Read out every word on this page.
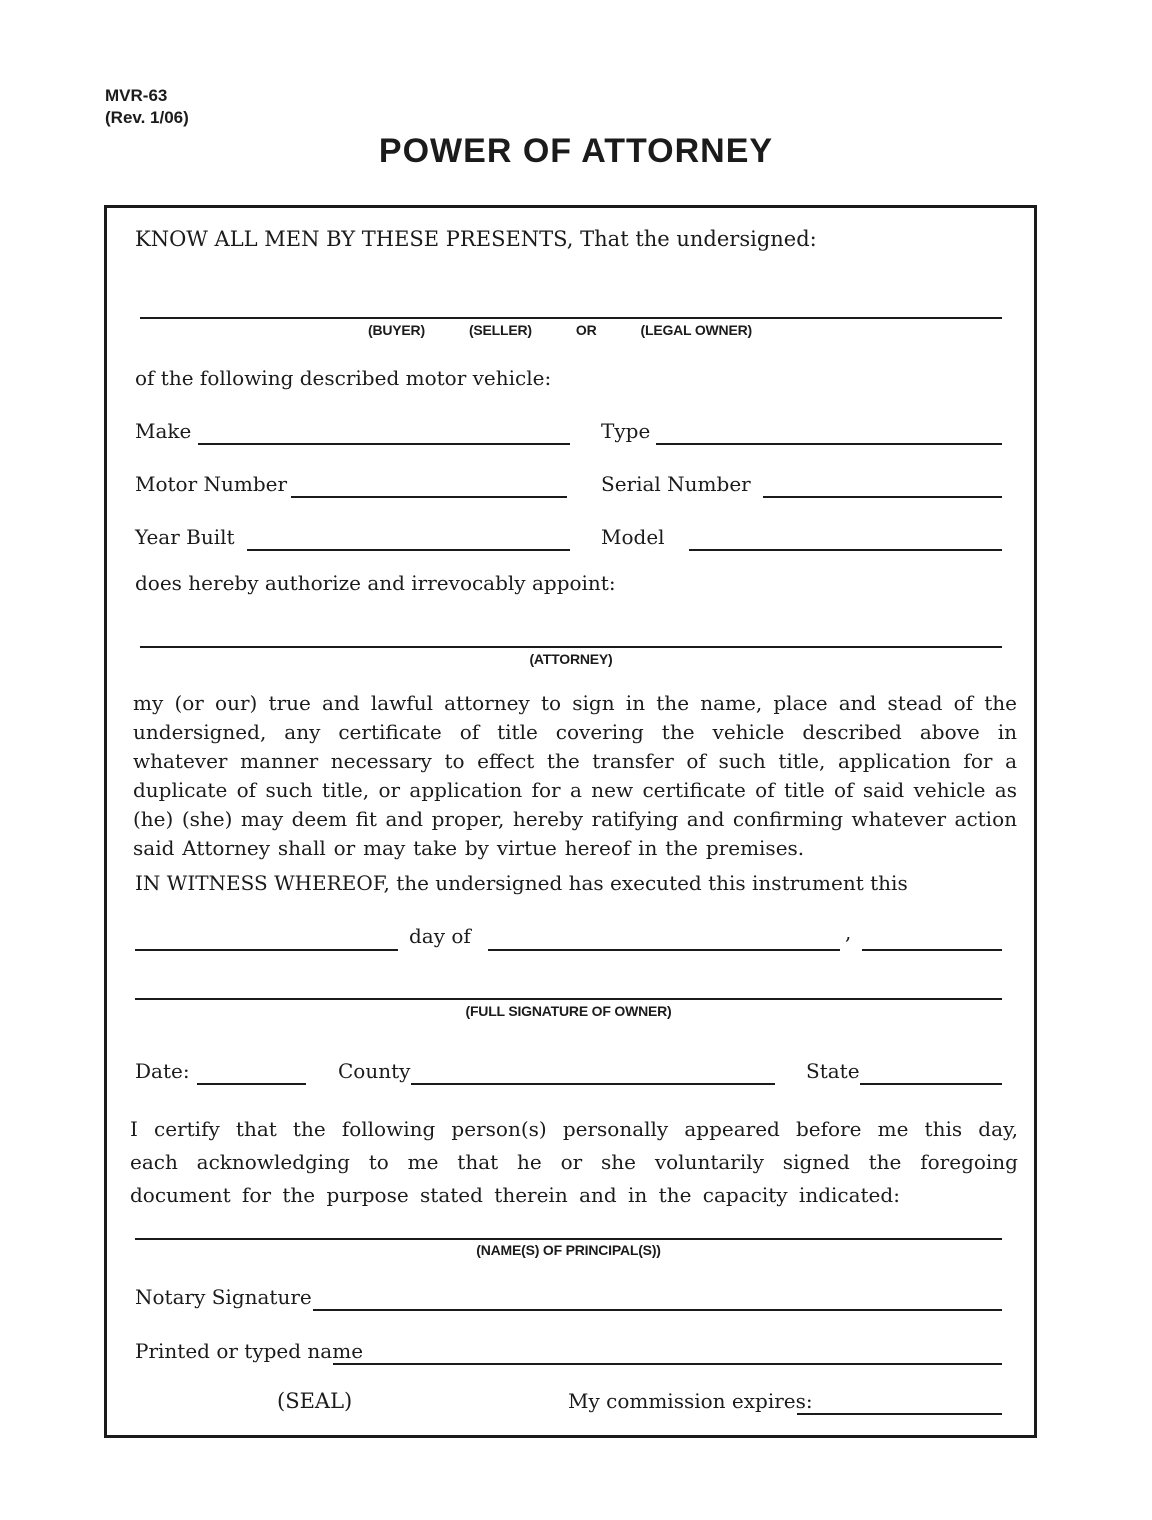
MVR-63
(Rev. 1/06)
POWER OF ATTORNEY
KNOW ALL MEN BY THESE PRESENTS, That the undersigned:
(BUYER)	(SELLER)	OR	(LEGAL OWNER)
of the following described motor vehicle:
Make	Type
Motor Number	Serial Number
Year Built	Model
does hereby authorize and irrevocably appoint:
(ATTORNEY)
my (or our) true and lawful attorney to sign in the name, place and stead of the undersigned, any certificate of title covering the vehicle described above in whatever manner necessary to effect the transfer of such title, application for a duplicate of such title, or application for a new certificate of title of said vehicle as (he) (she) may deem fit and proper, hereby ratifying and confirming whatever action said Attorney shall or may take by virtue hereof in the premises.
IN WITNESS WHEREOF, the undersigned has executed this instrument this
day of	,
(FULL SIGNATURE OF OWNER)
Date:	County	State
I certify that the following person(s) personally appeared before me this day, each acknowledging to me that he or she voluntarily signed the foregoing document for the purpose stated therein and in the capacity indicated:
(NAME(S) OF PRINCIPAL(S))
Notary Signature
Printed or typed name
(SEAL)	My commission expires:
